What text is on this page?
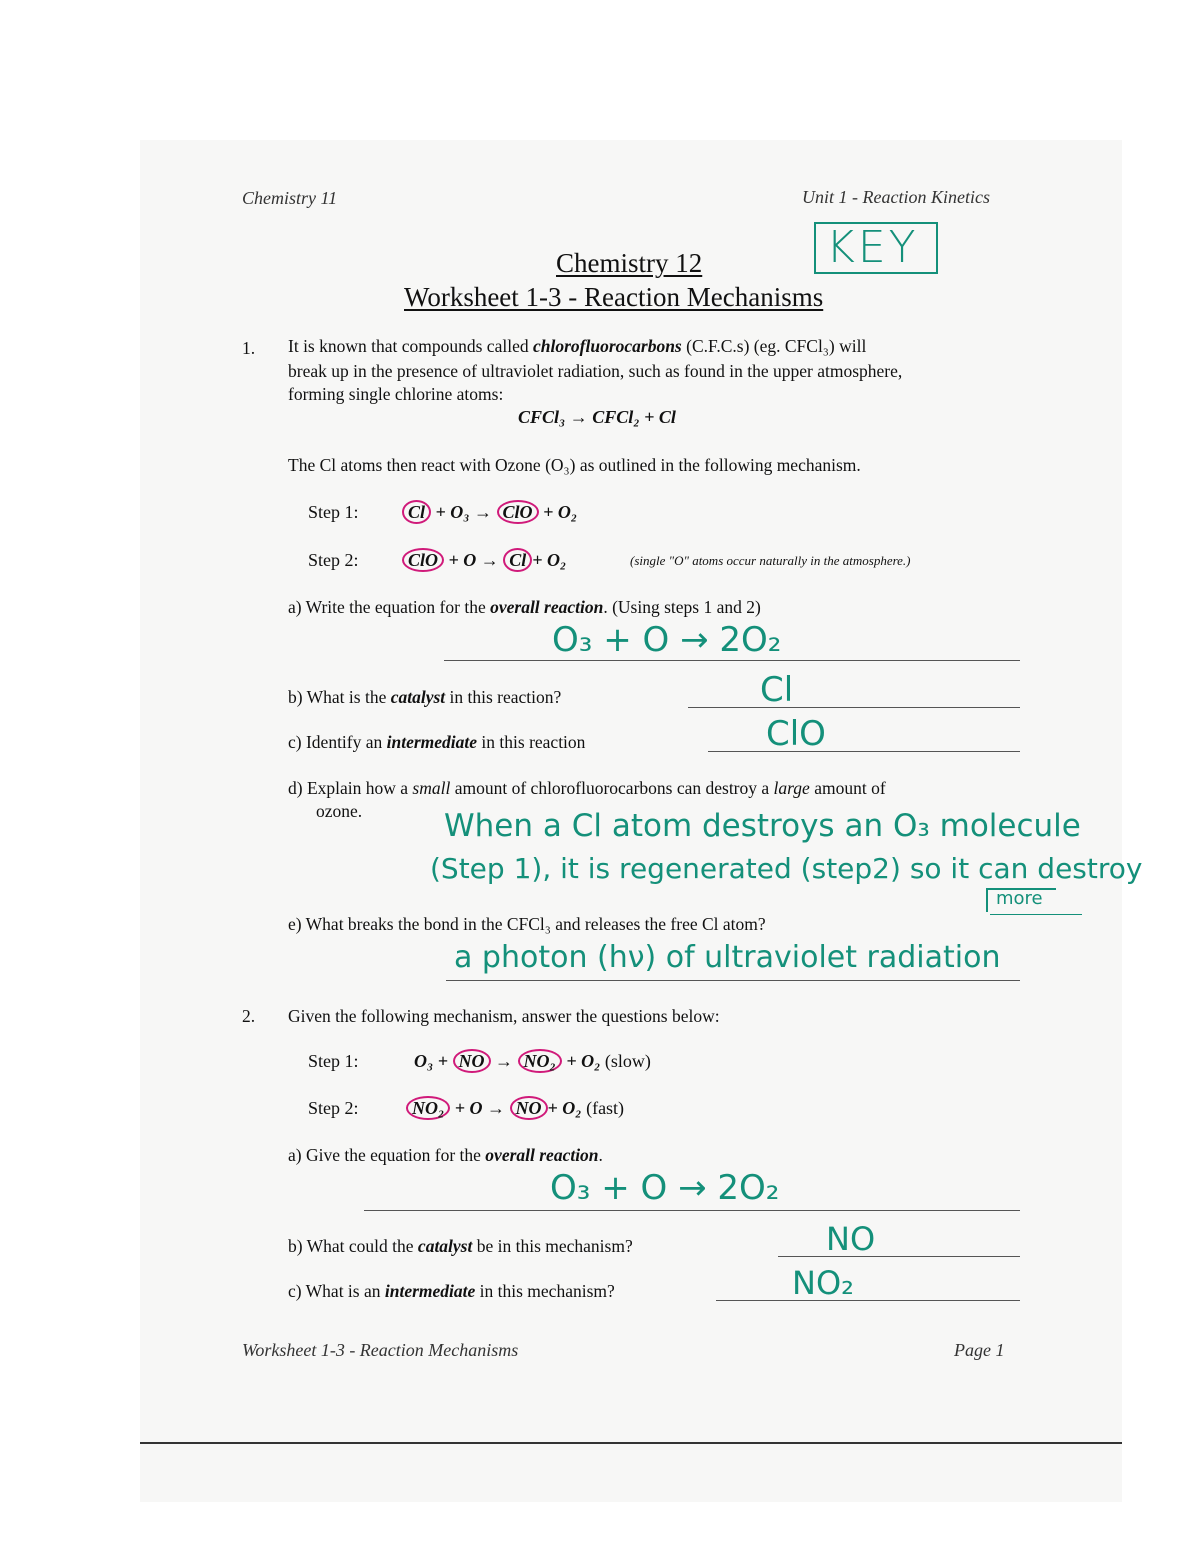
Chemistry 11	Unit 1 - Reaction Kinetics
Chemistry 12
Worksheet 1-3 - Reaction Mechanisms
KEY
1. It is known that compounds called chlorofluorocarbons (C.F.C.s) (eg. CFCl₃) will
break up in the presence of ultraviolet radiation, such as found in the upper atmosphere,
forming single chlorine atoms:
CFCl₃ → CFCl₂ + Cl
The Cl atoms then react with Ozone (O₃) as outlined in the following mechanism.
Step 1:	Cl + O₃ → ClO + O₂
Step 2:	ClO + O → Cl + O₂	(single "O" atoms occur naturally in the atmosphere.)
a) Write the equation for the overall reaction. (Using steps 1 and 2)
O₃ + O → 2O₂
b) What is the catalyst in this reaction?	Cl
c) Identify an intermediate in this reaction	ClO
d) Explain how a small amount of chlorofluorocarbons can destroy a large amount of
ozone.	When a Cl atom destroys an O₃ molecule
(Step 1), it is regenerated (step2) so it can destroy
more
e) What breaks the bond in the CFCl₃ and releases the free Cl atom?
a photon (hν) of ultraviolet radiation
2. Given the following mechanism, answer the questions below:
Step 1:	O₃ + NO → NO₂ + O₂ (slow)
Step 2:	NO₂ + O → NO + O₂ (fast)
a) Give the equation for the overall reaction.
O₃ + O → 2O₂
b) What could the catalyst be in this mechanism?	NO
c) What is an intermediate in this mechanism?	NO₂
Worksheet 1-3 - Reaction Mechanisms	Page 1
